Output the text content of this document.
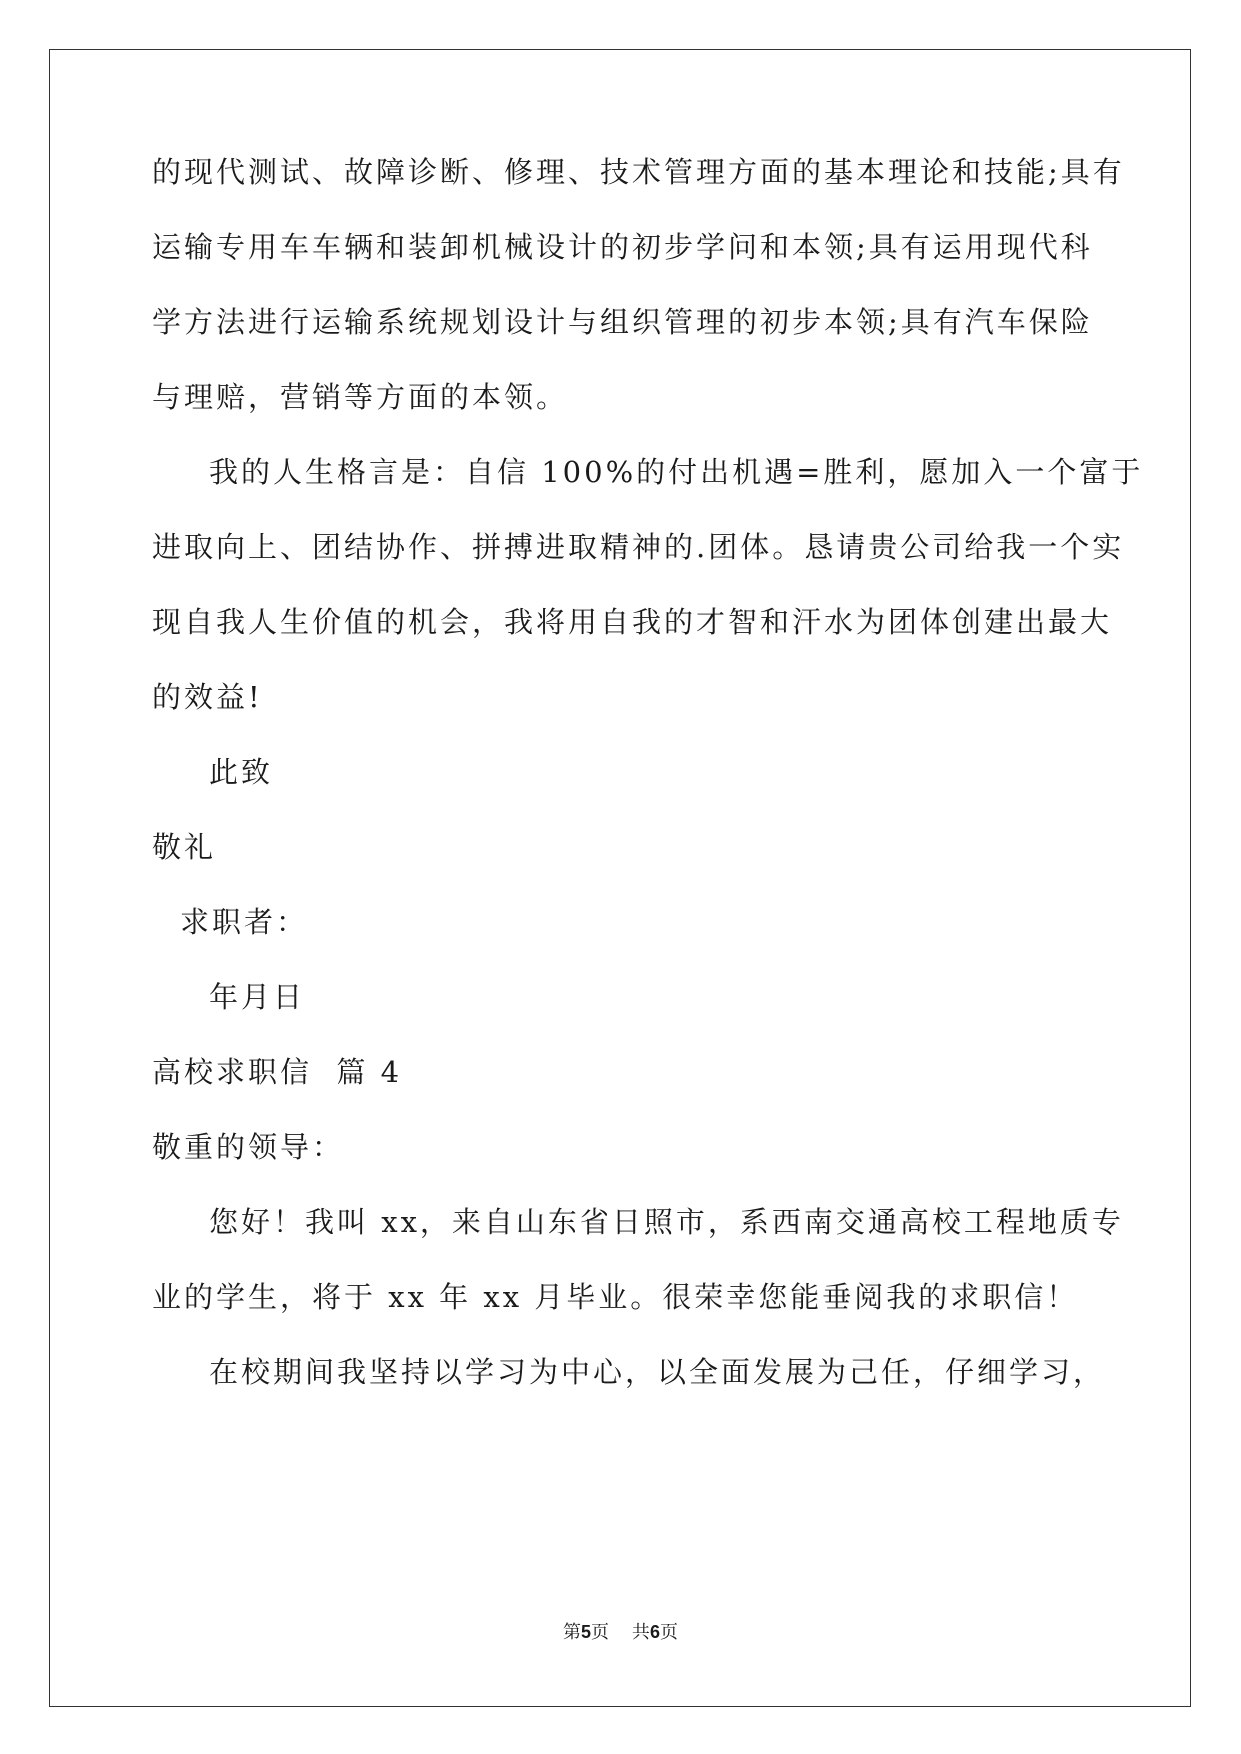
的现代测试、故障诊断、修理、技术管理方面的基本理论和技能;具有
运输专用车车辆和装卸机械设计的初步学问和本领;具有运用现代科
学方法进行运输系统规划设计与组织管理的初步本领;具有汽车保险
与理赔，营销等方面的本领。
我的人生格言是：自信 100%的付出机遇=胜利，愿加入一个富于
进取向上、团结协作、拼搏进取精神的.团体。恳请贵公司给我一个实
现自我人生价值的机会，我将用自我的才智和汗水为团体创建出最大
的效益!
此致
敬礼
求职者：
年月日
高校求职信  篇 4
敬重的领导：
您好！我叫 xx，来自山东省日照市，系西南交通高校工程地质专
业的学生，将于 xx 年 xx 月毕业。很荣幸您能垂阅我的求职信！
在校期间我坚持以学习为中心，以全面发展为己任，仔细学习，
第5页    共6页
